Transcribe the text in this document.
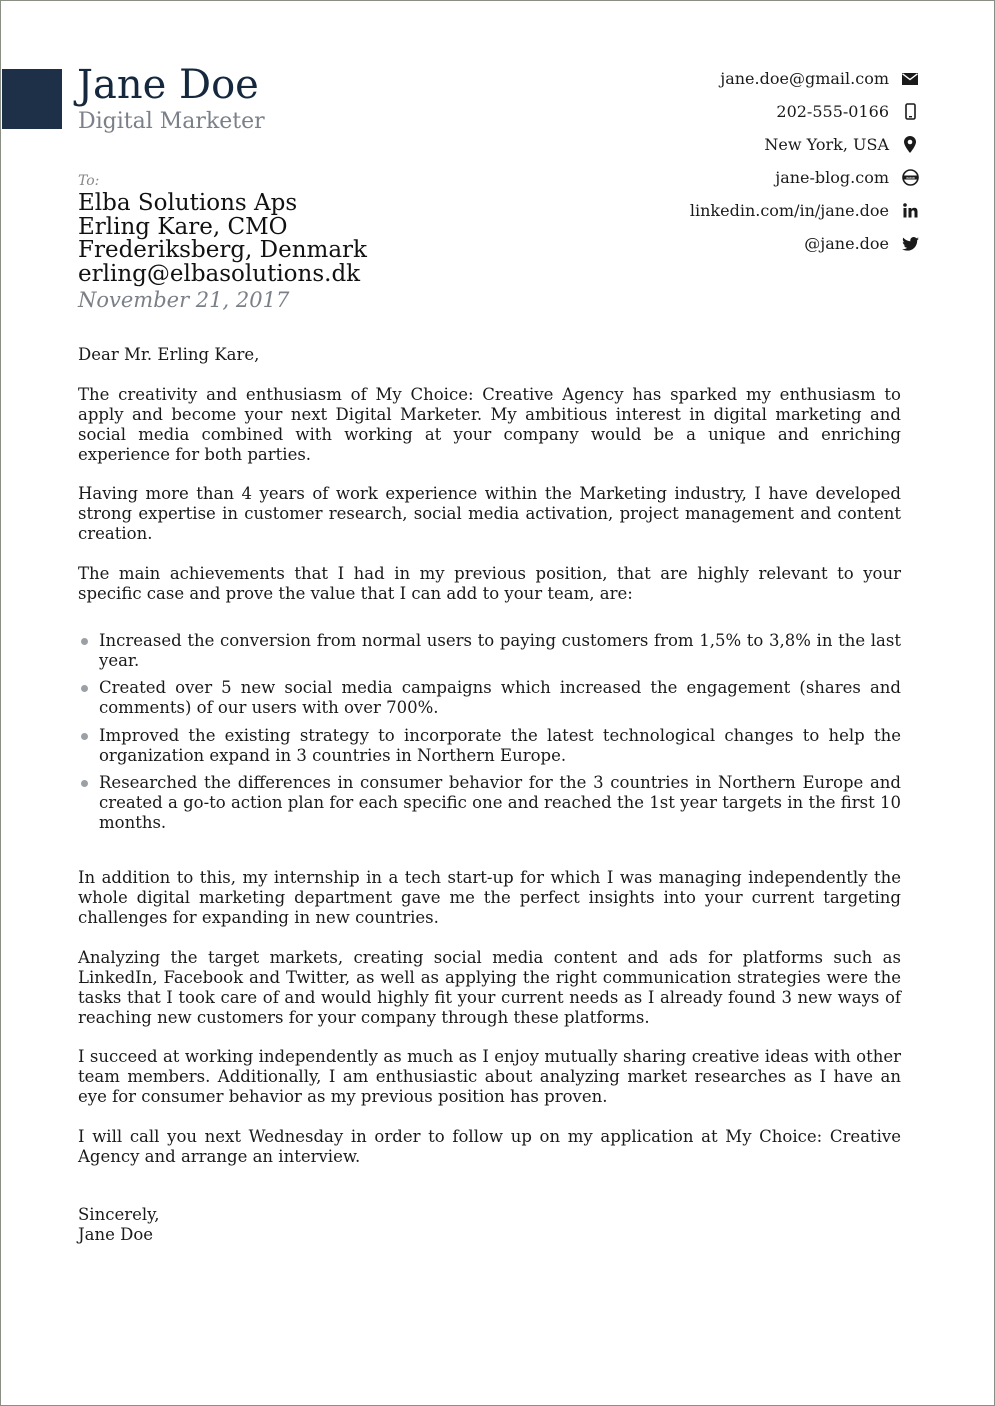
Jane Doe
Digital Marketer
jane.doe@gmail.com
202-555-0166
New York, USA
jane-blog.com	www
linkedin.com/in/jane.doe
@jane.doe
To:
Elba Solutions Aps
Erling Kare, CMO
Frederiksberg, Denmark
erling@elbasolutions.dk
November 21, 2017

Dear Mr. Erling Kare,

The creativity and enthusiasm of My Choice: Creative Agency has sparked my enthusiasm to apply and become your next Digital Marketer. My ambitious interest in digital marketing and social media combined with working at your company would be a unique and enriching experience for both parties.

Having more than 4 years of work experience within the Marketing industry, I have developed strong expertise in customer research, social media activation, project management and content creation.

The main achievements that I had in my previous position, that are highly relevant to your specific case and prove the value that I can add to your team, are:

Increased the conversion from normal users to paying customers from 1,5% to 3,8% in the last year.
Created over 5 new social media campaigns which increased the engagement (shares and comments) of our users with over 700%.
Improved the existing strategy to incorporate the latest technological changes to help the organization expand in 3 countries in Northern Europe.
Researched the differences in consumer behavior for the 3 countries in Northern Europe and created a go-to action plan for each specific one and reached the 1st year targets in the first 10 months.

In addition to this, my internship in a tech start-up for which I was managing independently the whole digital marketing department gave me the perfect insights into your current targeting challenges for expanding in new countries.

Analyzing the target markets, creating social media content and ads for platforms such as LinkedIn, Facebook and Twitter, as well as applying the right communication strategies were the tasks that I took care of and would highly fit your current needs as I already found 3 new ways of reaching new customers for your company through these platforms.

I succeed at working independently as much as I enjoy mutually sharing creative ideas with other team members. Additionally, I am enthusiastic about analyzing market researches as I have an eye for consumer behavior as my previous position has proven.

I will call you next Wednesday in order to follow up on my application at My Choice: Creative Agency and arrange an interview.

Sincerely,
Jane Doe
